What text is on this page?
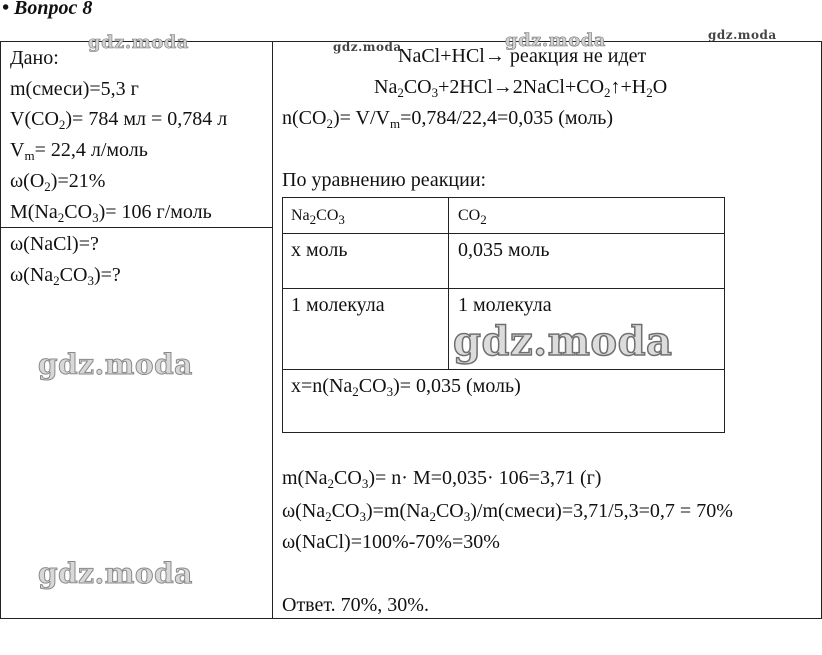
• Вопрос 8
Дано:
m(смеси)=5,3 г
$V(CO_2)= 784$ мл = 0,784 л
$V_m= 22,4$ л/моль
$\omega(O_2)=21\%$
$M(Na_2CO_3)= 106$ г/моль
ω(NaCl)=?
$\omega(Na_2CO_3)=$?
NaCl+HCl→ реакция не идет
$Na_2CO_3+2HCl\to 2NaCl+CO_2↑+H_2O$
$n(CO_2)= V/V_m=0,784/22,4=0,035$ (моль)
По уравнению реакции:
$Na_2CO_3$	$CO_2$
x моль	0,035 моль
1 молекула	1 молекула
$x=n(Na_2CO_3)= 0,035$ (моль)
$m(Na_2CO_3)= n\cdot M=0,035\cdot 106=3,71$ (г)
$\omega(Na_2CO_3)=m(Na_2CO_3)/m(смеси)=3,71/5,3=0,7 = 70\%$
ω(NaCl)=100%-70%=30%
Ответ. 70%, 30%.
gdz.moda	gdz.moda	gdz.moda	gdz.moda
gdz.moda	gdz.moda
gdz.moda
